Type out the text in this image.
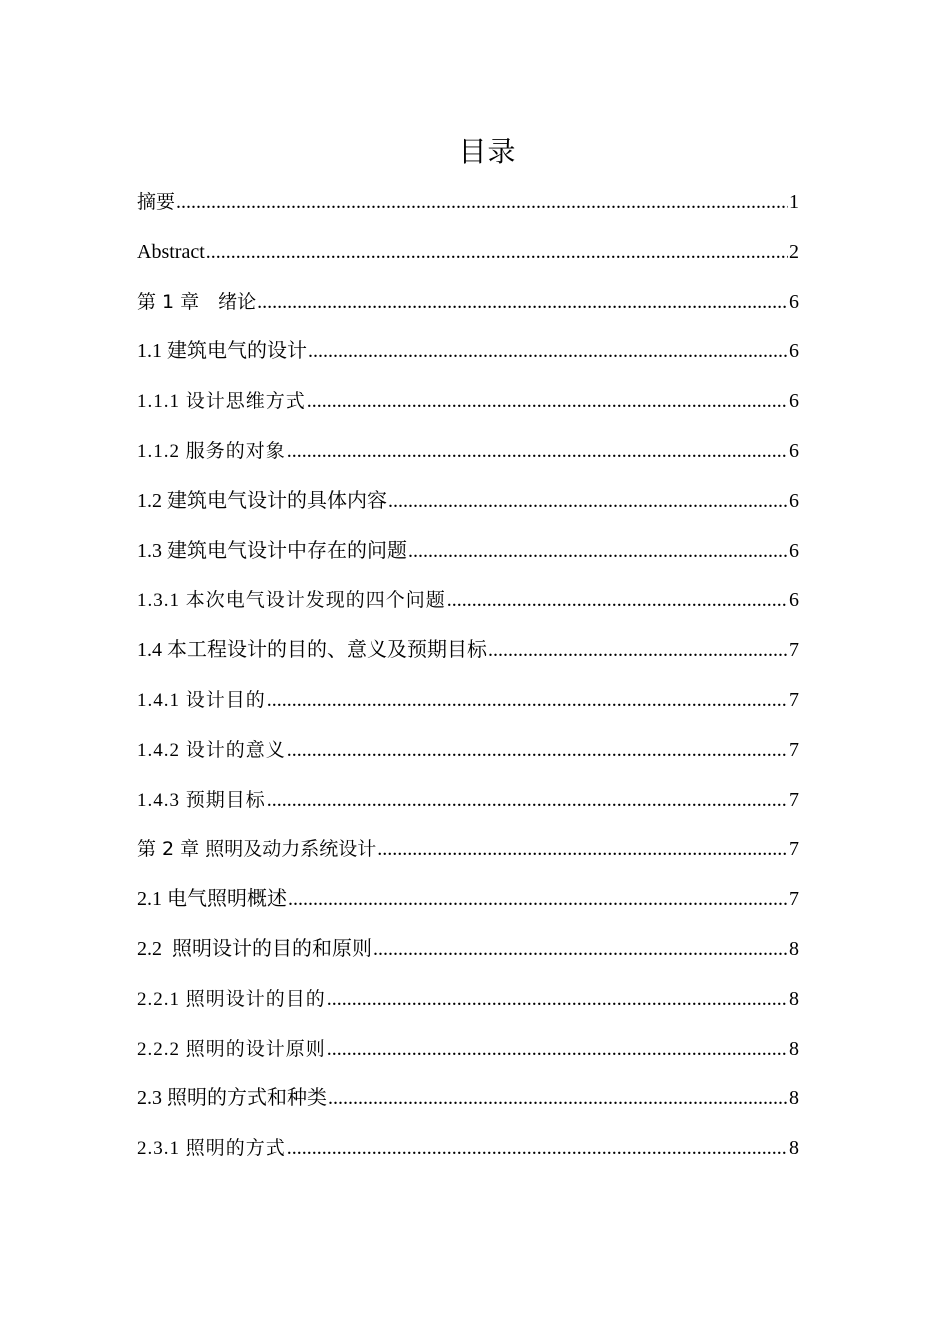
目录
摘要 .....	1
Abstract .....	2
第 1 章　绪论 .....	6
1.1 建筑电气的设计 .....	6
1.1.1 设计思维方式 .....	6
1.1.2 服务的对象 .....	6
1.2 建筑电气设计的具体内容 .....	6
1.3 建筑电气设计中存在的问题 .....	6
1.3.1 本次电气设计发现的四个问题 .....	6
1.4 本工程设计的目的、意义及预期目标 .....	7
1.4.1 设计目的 .....	7
1.4.2 设计的意义 .....	7
1.4.3 预期目标 .....	7
第 2 章 照明及动力系统设计 .....	7
2.1 电气照明概述 .....	7
2.2  照明设计的目的和原则 .....	8
2.2.1 照明设计的目的 .....	8
2.2.2 照明的设计原则 .....	8
2.3 照明的方式和种类 .....	8
2.3.1 照明的方式 .....	8
